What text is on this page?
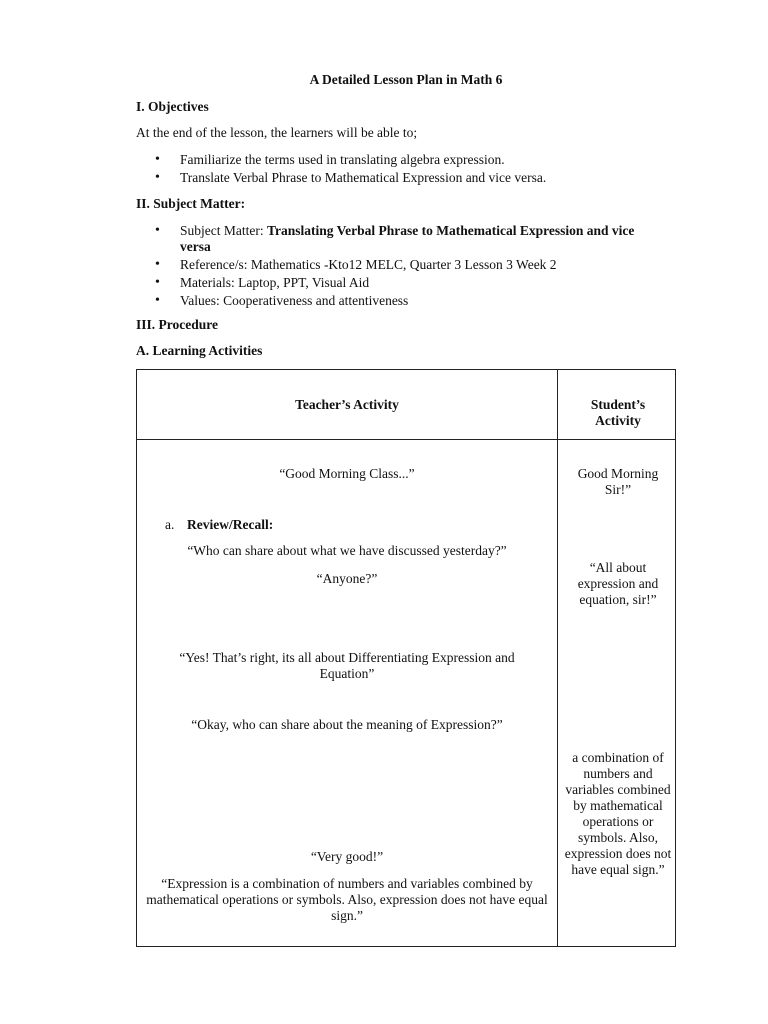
A Detailed Lesson Plan in Math 6
I. Objectives
At the end of the lesson, the learners will be able to;
• Familiarize the terms used in translating algebra expression.
• Translate Verbal Phrase to Mathematical Expression and vice versa.
II. Subject Matter:
• Subject Matter: Translating Verbal Phrase to Mathematical Expression and vice versa
• Reference/s: Mathematics -Kto12 MELC, Quarter 3 Lesson 3 Week 2
• Materials: Laptop, PPT, Visual Aid
• Values: Cooperativeness and attentiveness
III. Procedure
A. Learning Activities
Teacher’s Activity	Student’s Activity
“Good Morning Class...”
a. Review/Recall:
“Who can share about what we have discussed yesterday?”
“Anyone?”
“Yes! That’s right, its all about Differentiating Expression and Equation”
“Okay, who can share about the meaning of Expression?”
“Very good!”
“Expression is a combination of numbers and variables combined by mathematical operations or symbols. Also, expression does not have equal sign.”
Good Morning Sir!”
“All about expression and equation, sir!”
a combination of numbers and variables combined by mathematical operations or symbols. Also, expression does not have equal sign.”
